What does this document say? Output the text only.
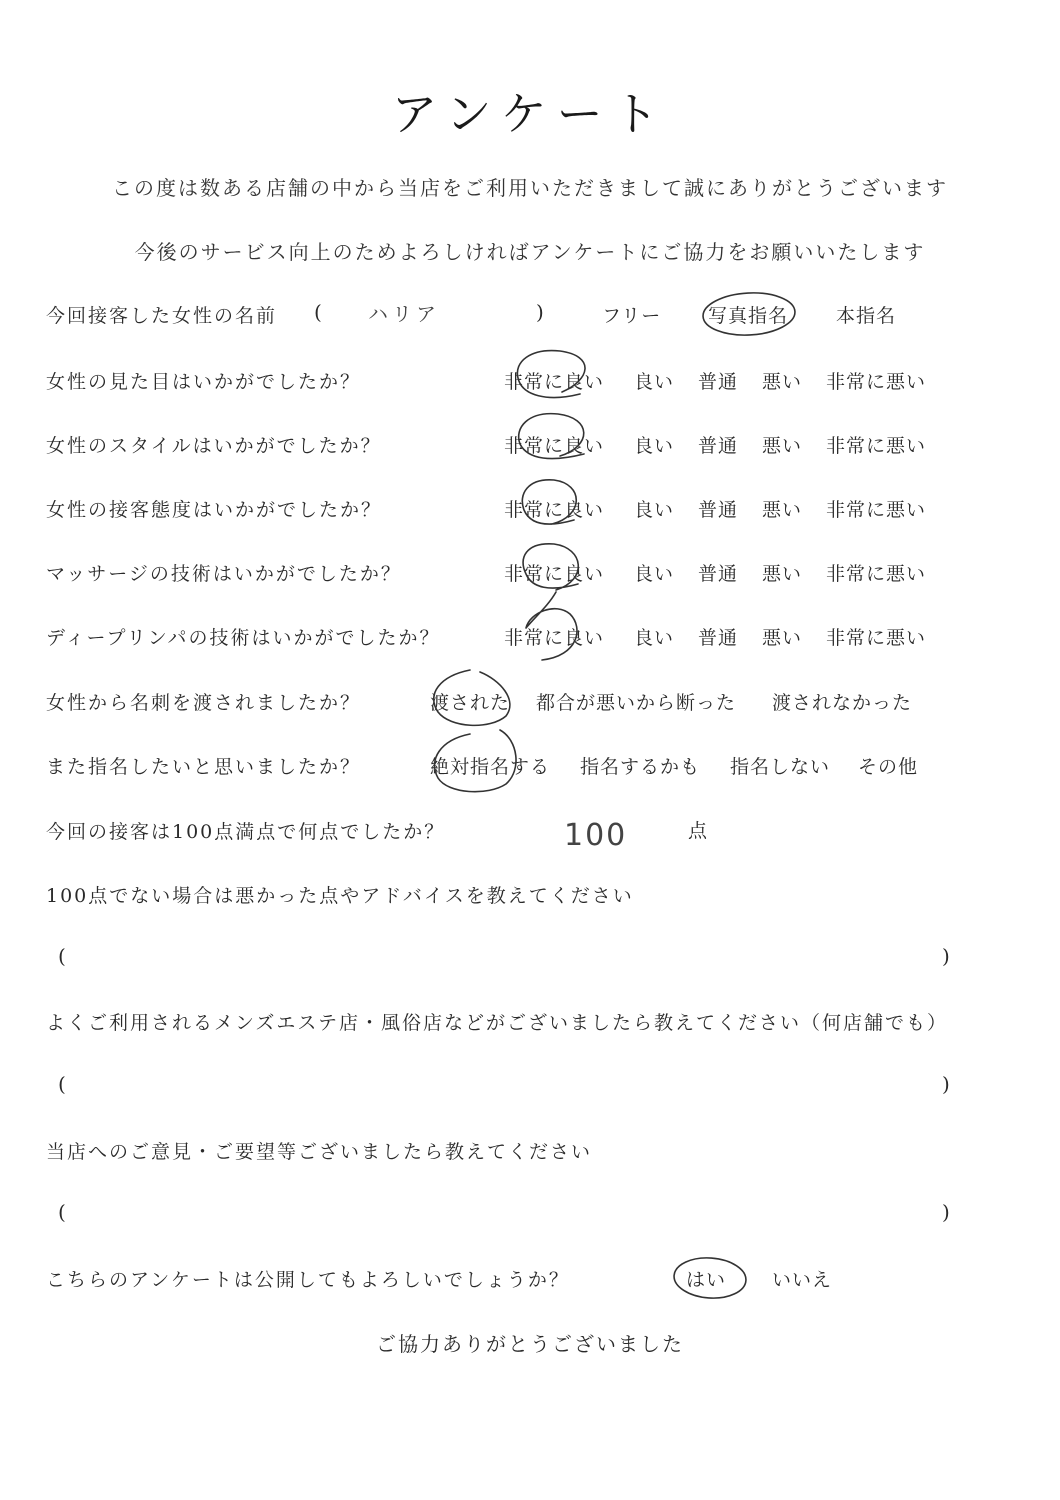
アンケート
この度は数ある店舗の中から当店をご利用いただきまして誠にありがとうございます
今後のサービス向上のためよろしければアンケートにご協力をお願いいたします
今回接客した女性の名前 ( ハリア	)	フリー 写真指名	本指名
女性の見た目はいかがでしたか？	非常に良い 良い 普通 悪い 非常に悪い
女性のスタイルはいかがでしたか？	非常に良い 良い 普通 悪い 非常に悪い
女性の接客態度はいかがでしたか？	非常に良い 良い 普通 悪い 非常に悪い
マッサージの技術はいかがでしたか？	非常に良い 良い 普通 悪い 非常に悪い
ディープリンパの技術はいかがでしたか？	非常に良い 良い 普通 悪い 非常に悪い
女性から名刺を渡されましたか？	渡された 都合が悪いから断った 渡されなかった
また指名したいと思いましたか？	絶対指名する 指名するかも 指名しない その他
今回の接客は100点満点で何点でしたか？	100	点
100点でない場合は悪かった点やアドバイスを教えてください
(	)
よくご利用されるメンズエステ店・風俗店などがございましたら教えてください（何店舗でも）
(	)
当店へのご意見・ご要望等ございましたら教えてください
(	)
こちらのアンケートは公開してもよろしいでしょうか？	はい いいえ
ご協力ありがとうございました
